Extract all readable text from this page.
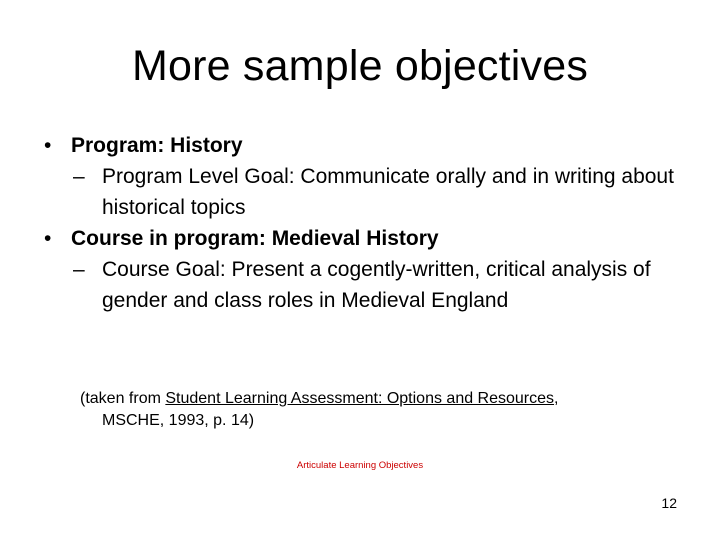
More sample objectives
• Program: History
– Program Level Goal: Communicate orally and in writing about historical topics
• Course in program: Medieval History
– Course Goal: Present a cogently-written, critical analysis of gender and class roles in Medieval England
(taken from Student Learning Assessment: Options and Resources,
MSCHE, 1993, p. 14)
Articulate Learning Objectives
12
